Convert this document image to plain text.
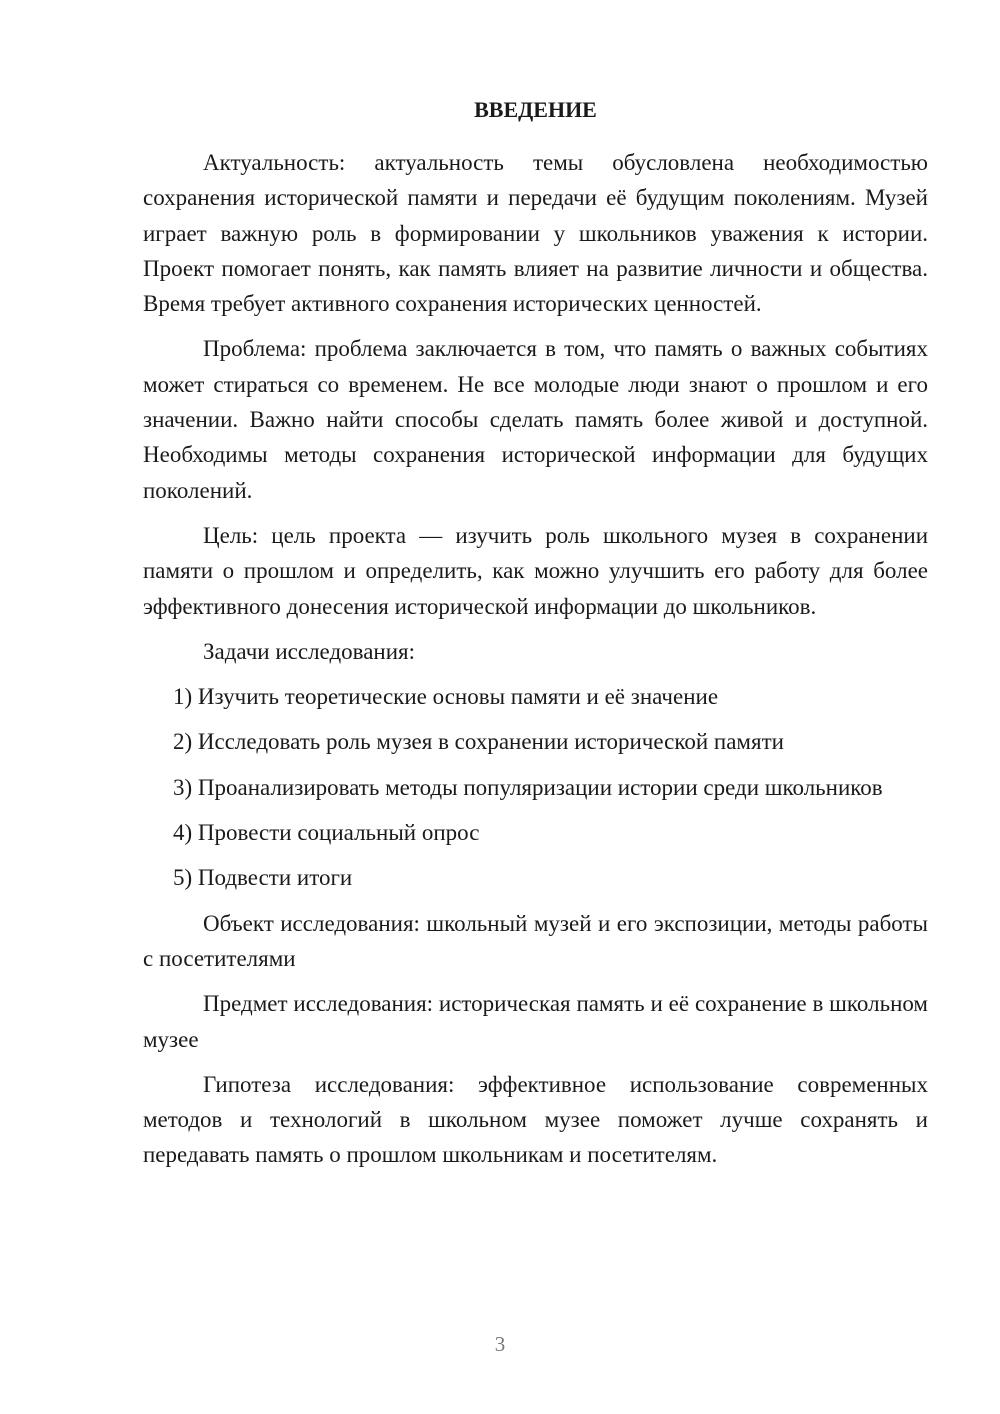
ВВЕДЕНИЕ

Актуальность: актуальность темы обусловлена необходимостью сохранения исторической памяти и передачи её будущим поколениям. Музей играет важную роль в формировании у школьников уважения к истории. Проект помогает понять, как память влияет на развитие личности и общества. Время требует активного сохранения исторических ценностей.

Проблема: проблема заключается в том, что память о важных событиях может стираться со временем. Не все молодые люди знают о прошлом и его значении. Важно найти способы сделать память более живой и доступной. Необходимы методы сохранения исторической информации для будущих поколений.

Цель: цель проекта — изучить роль школьного музея в сохранении памяти о прошлом и определить, как можно улучшить его работу для более эффективного донесения исторической информации до школьников.

Задачи исследования:

1) Изучить теоретические основы памяти и её значение

2) Исследовать роль музея в сохранении исторической памяти

3) Проанализировать методы популяризации истории среди школьников

4) Провести социальный опрос

5) Подвести итоги

Объект исследования: школьный музей и его экспозиции, методы работы с посетителями

Предмет исследования: историческая память и её сохранение в школьном музее

Гипотеза исследования: эффективное использование современных методов и технологий в школьном музее поможет лучше сохранять и передавать память о прошлом школьникам и посетителям.

3
